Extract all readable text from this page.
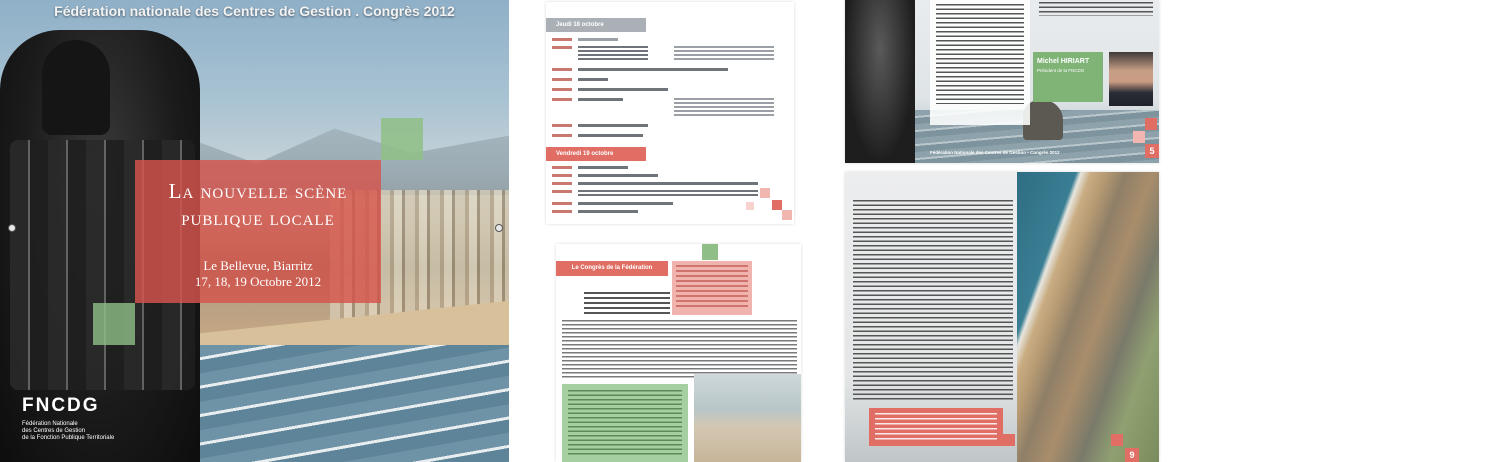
Fédération nationale des Centres de Gestion . Congrès 2012
La nouvelle scène
publique locale
Le Bellevue, Biarritz
17, 18, 19 Octobre 2012
FNCDG
Fédération Nationale
des Centres de Gestion
de la Fonction Publique Territoriale
Jeudi 18 octobre
Vendredi 19 octobre
Le Congrès de la Fédération
Michel HIRIART
Président de la FNCDG
Fédération Nationale des Centres de Gestion • Congrès 2012	5
9
